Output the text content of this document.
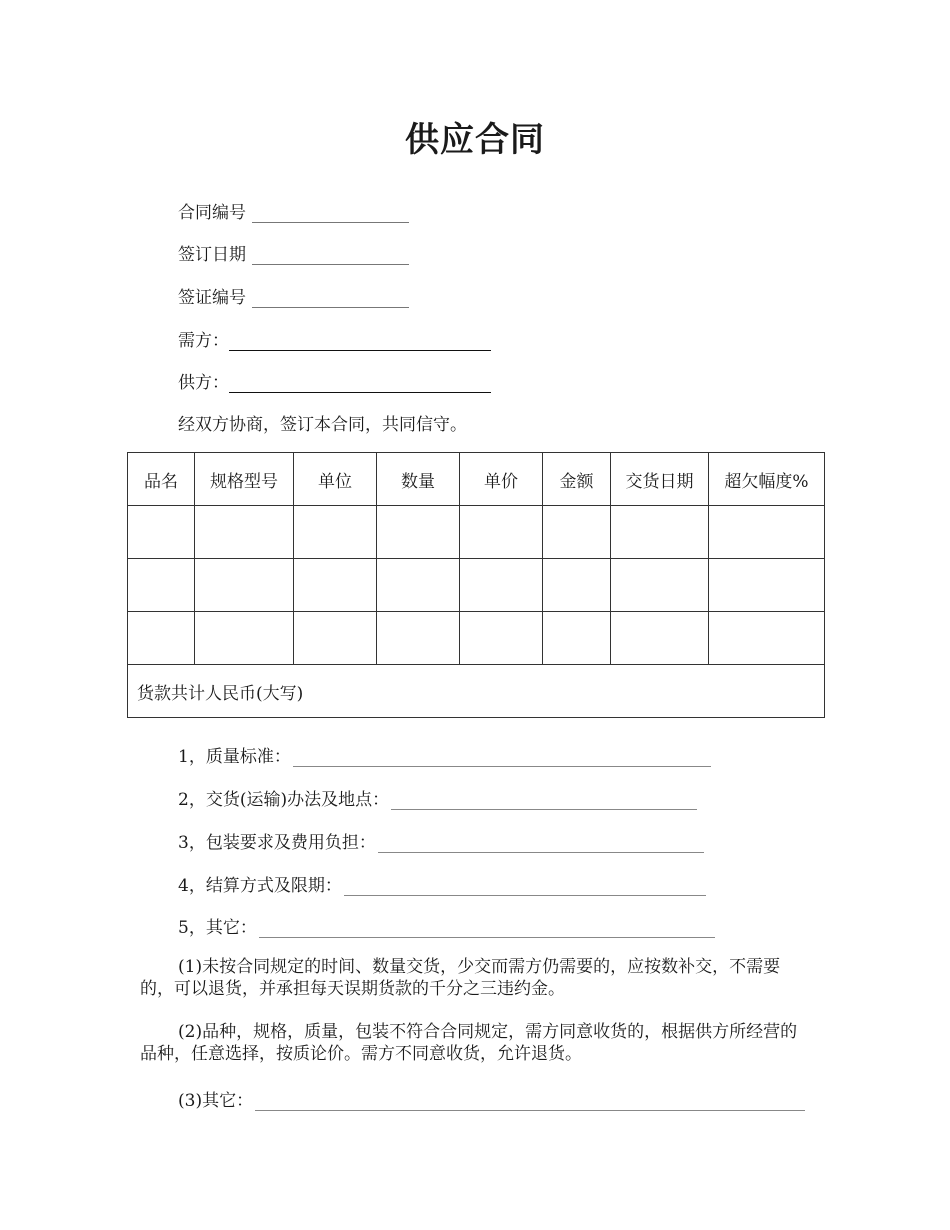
供应合同
合同编号
签订日期
签证编号
需方：
供方：
经双方协商，签订本合同，共同信守。
品名	规格型号	单位	数量	单价	金额	交货日期	超欠幅度%

货款共计人民币(大写)							
1，质量标准：
2，交货(运输)办法及地点：
3，包装要求及费用负担：
4，结算方式及限期：
5，其它：
(1)未按合同规定的时间、数量交货，少交而需方仍需要的，应按数补交，不需要的，可以退货，并承担每天误期货款的千分之三违约金。
(2)品种，规格，质量，包装不符合合同规定，需方同意收货的，根据供方所经营的品种，任意选择，按质论价。需方不同意收货，允许退货。
(3)其它：
